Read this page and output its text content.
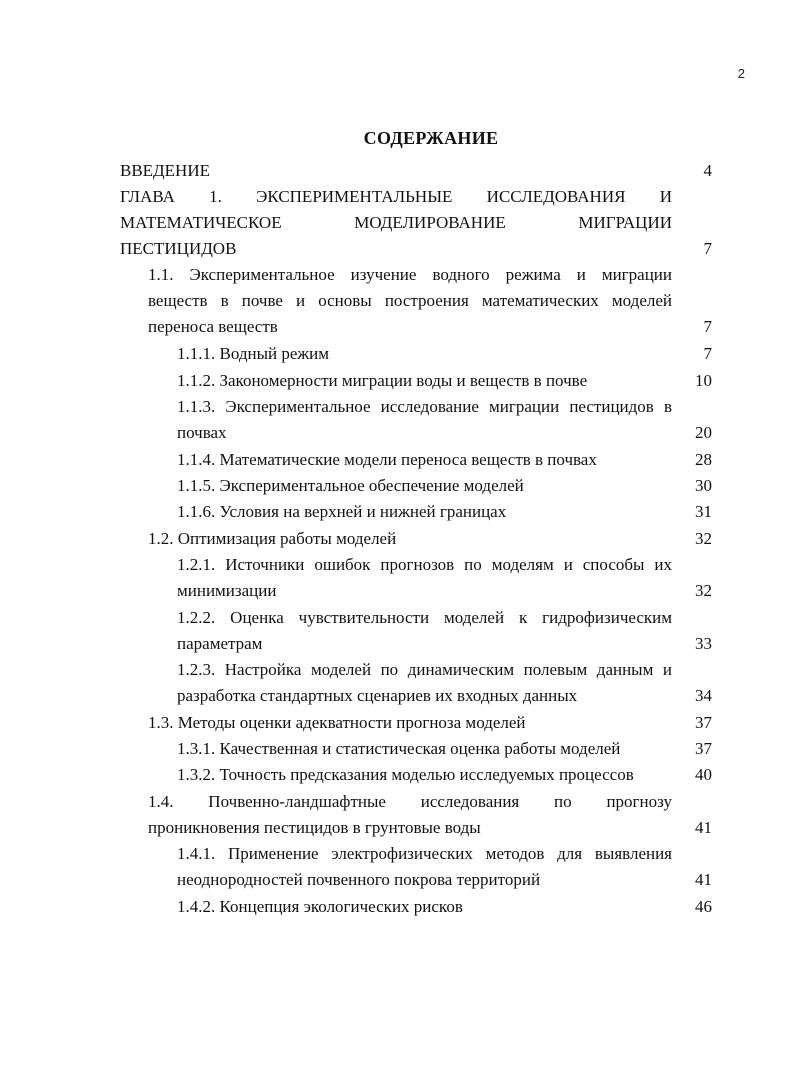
2
СОДЕРЖАНИЕ
ВВЕДЕНИЕ	4
ГЛАВА 1. ЭКСПЕРИМЕНТАЛЬНЫЕ ИССЛЕДОВАНИЯ И
МАТЕМАТИЧЕСКОЕ МОДЕЛИРОВАНИЕ МИГРАЦИИ
ПЕСТИЦИДОВ	7
1.1. Экспериментальное изучение водного режима и миграции
веществ в почве и основы построения математических моделей
переноса веществ	7
1.1.1. Водный режим	7
1.1.2. Закономерности миграции воды и веществ в почве	10
1.1.3. Экспериментальное исследование миграции пестицидов в
почвах	20
1.1.4. Математические модели переноса веществ в почвах	28
1.1.5. Экспериментальное обеспечение моделей	30
1.1.6. Условия на верхней и нижней границах	31
1.2. Оптимизация работы моделей	32
1.2.1. Источники ошибок прогнозов по моделям и способы их
минимизации	32
1.2.2. Оценка чувствительности моделей к гидрофизическим
параметрам	33
1.2.3. Настройка моделей по динамическим полевым данным и
разработка стандартных сценариев их входных данных	34
1.3. Методы оценки адекватности прогноза моделей	37
1.3.1. Качественная и статистическая оценка работы моделей	37
1.3.2. Точность предсказания моделью исследуемых процессов	40
1.4. Почвенно-ландшафтные исследования по прогнозу
проникновения пестицидов в грунтовые воды	41
1.4.1. Применение электрофизических методов для выявления
неоднородностей почвенного покрова территорий	41
1.4.2. Концепция экологических рисков	46
